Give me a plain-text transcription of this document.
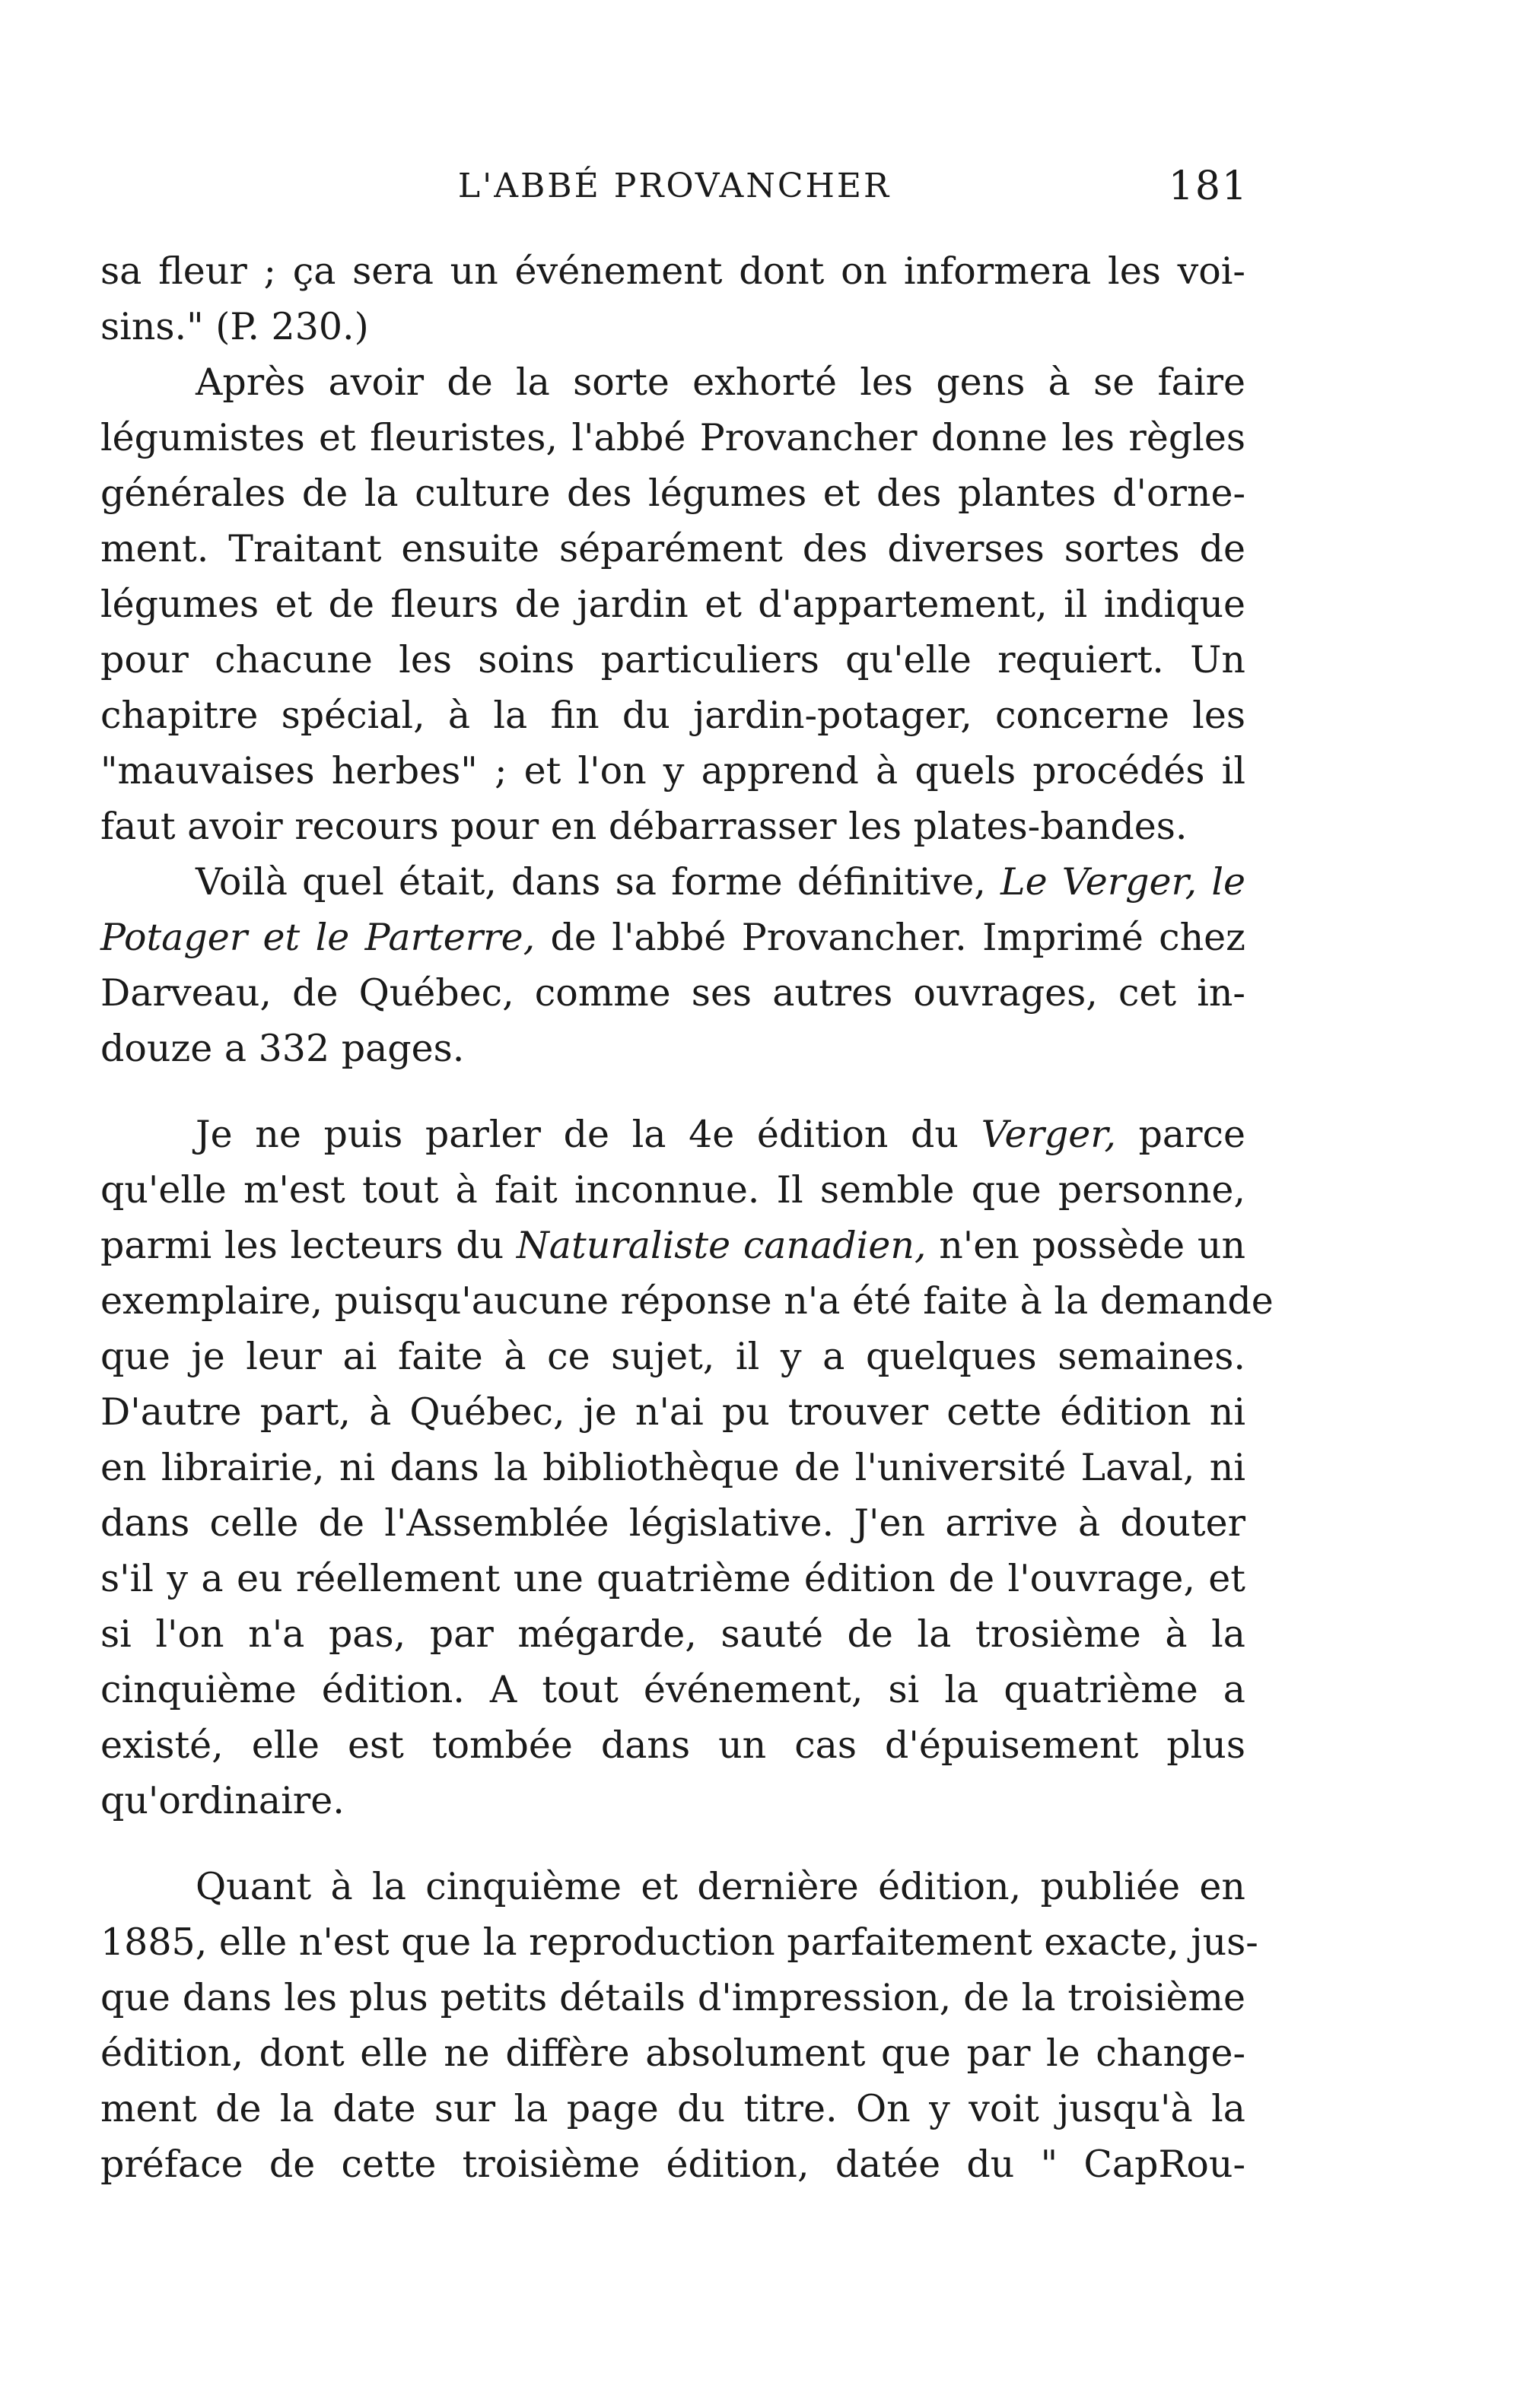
L'ABBÉ PROVANCHER	181
sa fleur ; ça sera un événement dont on informera les voi-
sins." (P. 230.)
Après avoir de la sorte exhorté les gens à se faire
légumistes et fleuristes, l'abbé Provancher donne les règles
générales de la culture des légumes et des plantes d'orne-
ment. Traitant ensuite séparément des diverses sortes de
légumes et de fleurs de jardin et d'appartement, il indique
pour chacune les soins particuliers qu'elle requiert. Un
chapitre spécial, à la fin du jardin-potager, concerne les
"mauvaises herbes" ; et l'on y apprend à quels procédés il
faut avoir recours pour en débarrasser les plates-bandes.
Voilà quel était, dans sa forme définitive, Le Verger, le
Potager et le Parterre, de l'abbé Provancher. Imprimé chez
Darveau, de Québec, comme ses autres ouvrages, cet in-
douze a 332 pages.
Je ne puis parler de la 4e édition du Verger, parce
qu'elle m'est tout à fait inconnue. Il semble que personne,
parmi les lecteurs du Naturaliste canadien, n'en possède un
exemplaire, puisqu'aucune réponse n'a été faite à la demande
que je leur ai faite à ce sujet, il y a quelques semaines.
D'autre part, à Québec, je n'ai pu trouver cette édition ni
en librairie, ni dans la bibliothèque de l'université Laval, ni
dans celle de l'Assemblée législative. J'en arrive à douter
s'il y a eu réellement une quatrième édition de l'ouvrage, et
si l'on n'a pas, par mégarde, sauté de la trosième à la
cinquième édition. A tout événement, si la quatrième a
existé, elle est tombée dans un cas d'épuisement plus
qu'ordinaire.
Quant à la cinquième et dernière édition, publiée en
1885, elle n'est que la reproduction parfaitement exacte, jus-
que dans les plus petits détails d'impression, de la troisième
édition, dont elle ne diffère absolument que par le change-
ment de la date sur la page du titre. On y voit jusqu'à la
préface de cette troisième édition, datée du " CapRou-
